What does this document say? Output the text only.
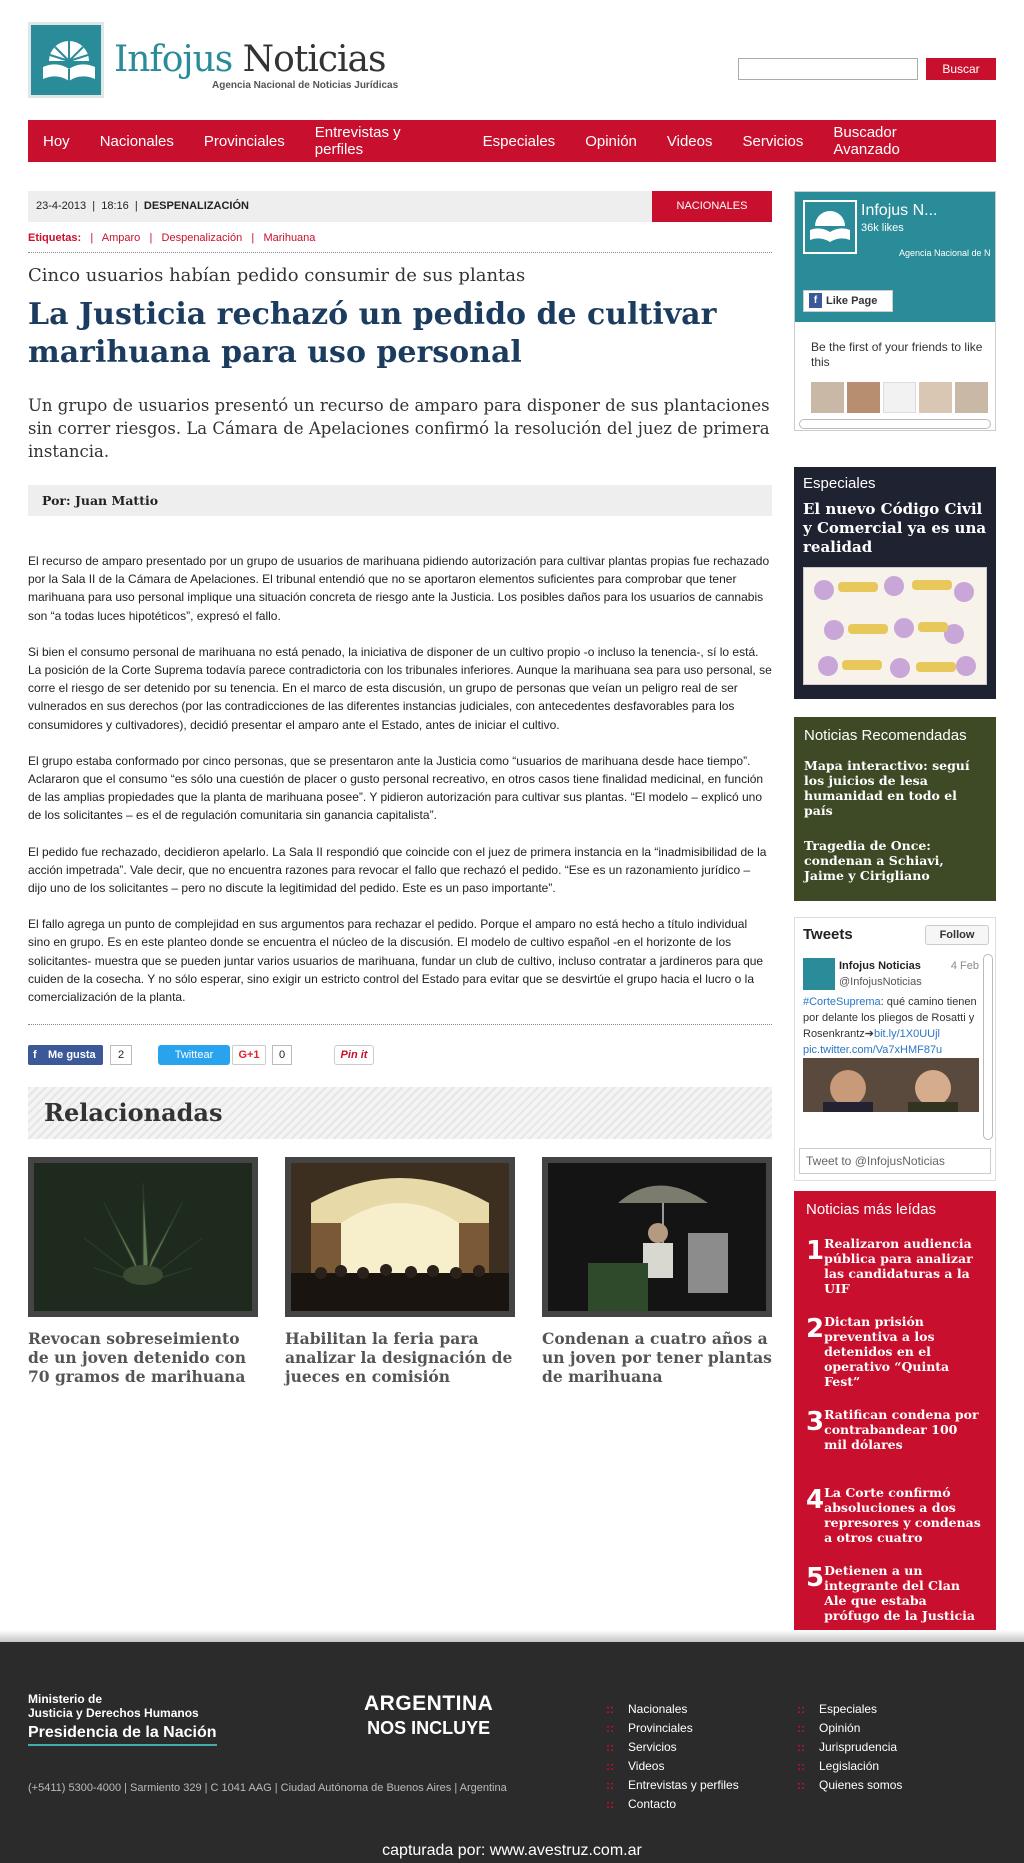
Infojus Noticias
Agencia Nacional de Noticias Jurídicas
Buscar
Hoy Nacionales Provinciales Entrevistas y perfiles	Especiales Opinión Videos Servicios Buscador Avanzado
23-4-2013  |  18:16  |  DESPENALIZACIÓN	NACIONALES
Etiquetas:   |   Amparo   |   Despenalización   |   Marihuana
Cinco usuarios habían pedido consumir de sus plantas
La Justicia rechazó un pedido de cultivar marihuana para uso personal
Un grupo de usuarios presentó un recurso de amparo para disponer de sus plantaciones sin correr riesgos. La Cámara de Apelaciones confirmó la resolución del juez de primera instancia.
Por: Juan Mattio

El recurso de amparo presentado por un grupo de usuarios de marihuana pidiendo autorización para cultivar plantas propias fue rechazado por la Sala II de la Cámara de Apelaciones. El tribunal entendió que no se aportaron elementos suficientes para comprobar que tener marihuana para uso personal implique una situación concreta de riesgo ante la Justicia. Los posibles daños para los usuarios de cannabis son “a todas luces hipotéticos”, expresó el fallo.

Si bien el consumo personal de marihuana no está penado, la iniciativa de disponer de un cultivo propio -o incluso la tenencia-, sí lo está. La posición de la Corte Suprema todavía parece contradictoria con los tribunales inferiores. Aunque la marihuana sea para uso personal, se corre el riesgo de ser detenido por su tenencia. En el marco de esta discusión, un grupo de personas que veían un peligro real de ser vulnerados en sus derechos (por las contradicciones de las diferentes instancias judiciales, con antecedentes desfavorables para los consumidores y cultivadores), decidió presentar el amparo ante el Estado, antes de iniciar el cultivo.

El grupo estaba conformado por cinco personas, que se presentaron ante la Justicia como “usuarios de marihuana desde hace tiempo”. Aclararon que el consumo “es sólo una cuestión de placer o gusto personal recreativo, en otros casos tiene finalidad medicinal, en función de las amplias propiedades que la planta de marihuana posee”. Y pidieron autorización para cultivar sus plantas. “El modelo – explicó uno de los solicitantes – es el de regulación comunitaria sin ganancia capitalista”.

El pedido fue rechazado, decidieron apelarlo. La Sala II respondió que coincide con el juez de primera instancia en la “inadmisibilidad de la acción impetrada”. Vale decir, que no encuentra razones para revocar el fallo que rechazó el pedido. “Ese es un razonamiento jurídico – dijo uno de los solicitantes – pero no discute la legitimidad del pedido. Este es un paso importante”.

El fallo agrega un punto de complejidad en sus argumentos para rechazar el pedido. Porque el amparo no está hecho a título individual sino en grupo. Es en este planteo donde se encuentra el núcleo de la discusión. El modelo de cultivo español -en el horizonte de los solicitantes- muestra que se pueden juntar varios usuarios de marihuana, fundar un club de cultivo, incluso contratar a jardineros para que cuiden de la cosecha. Y no sólo esperar, sino exigir un estricto control del Estado para evitar que se desvirtúe el grupo hacia el lucro o la comercialización de la planta.

f Me gusta	2	Twittear	G+1	0	Pin it
Relacionadas
Revocan sobreseimiento de un joven detenido con 70 gramos de marihuana
Habilitan la feria para analizar la designación de jueces en comisión
Condenan a cuatro años a un joven por tener plantas de marihuana
Infojus N...
36k likes
Agencia Nacional de N
f Like Page
Be the first of your friends to like this
Especiales
El nuevo Código Civil y Comercial ya es una realidad
Noticias Recomendadas
Mapa interactivo: seguí los juicios de lesa humanidad en todo el país
Tragedia de Once: condenan a Schiavi, Jaime y Cirigliano
Tweets	Follow
Infojus Noticias	4 Feb
@InfojusNoticias
#CorteSuprema: qué camino tienen por delante los pliegos de Rosatti y Rosenkrantz➔bit.ly/1X0UUjl
pic.twitter.com/Va7xHMF87u
Tweet to @InfojusNoticias
Noticias más leídas
1 Realizaron audiencia pública para analizar las candidaturas a la UIF
2 Dictan prisión preventiva a los detenidos en el operativo “Quinta Fest”
3 Ratifican condena por contrabandear 100 mil dólares
4 La Corte confirmó absoluciones a dos represores y condenas a otros cuatro
5 Detienen a un integrante del Clan Ale que estaba prófugo de la Justicia
Ministerio de
Justicia y Derechos Humanos
Presidencia de la Nación
ARGENTINA
NOS INCLUYE
(+5411) 5300-4000 | Sarmiento 329 | C 1041 AAG | Ciudad Autónoma de Buenos Aires | Argentina
:: Nacionales
:: Provinciales
:: Servicios
:: Videos
:: Entrevistas y perfiles
:: Contacto
:: Especiales
:: Opinión
:: Jurisprudencia
:: Legislación
:: Quienes somos
capturada por: www.avestruz.com.ar
